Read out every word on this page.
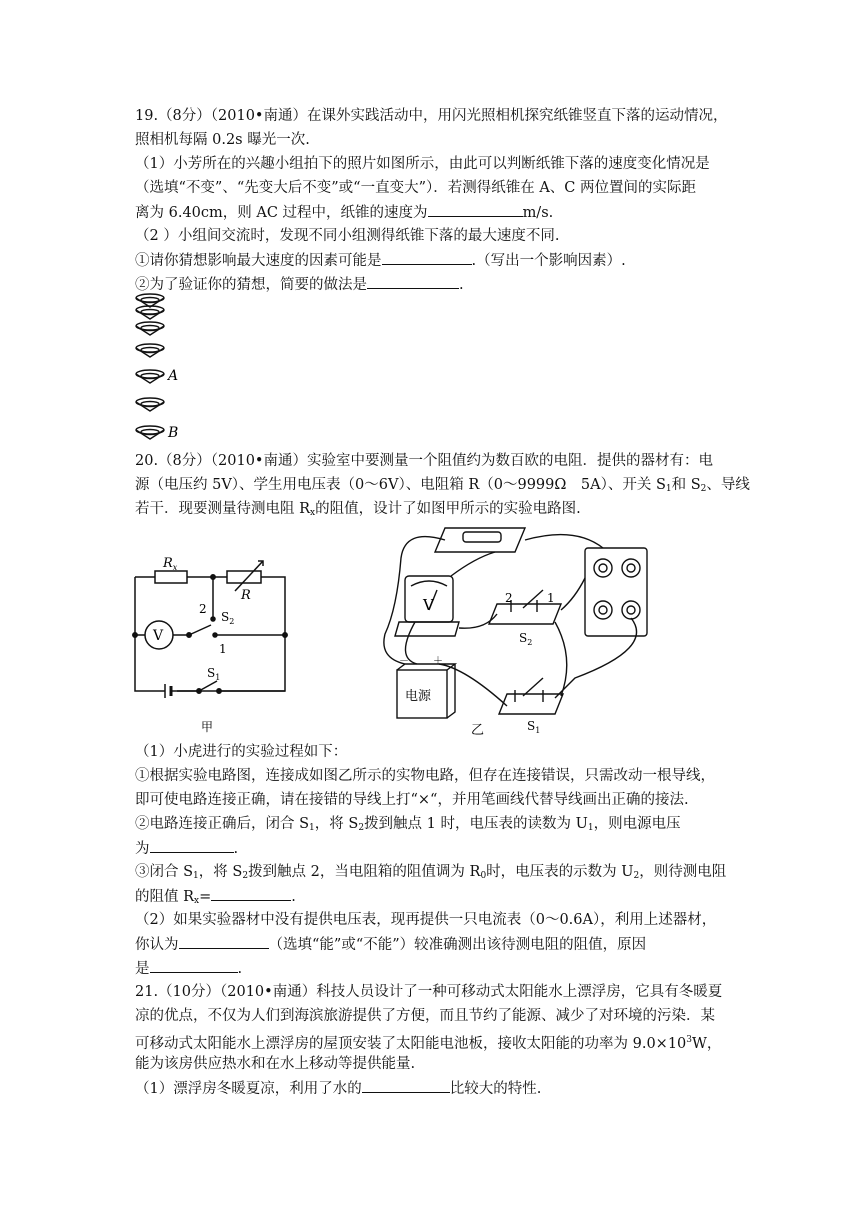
19.（8分）（2010•南通）在课外实践活动中，用闪光照相机探究纸锥竖直下落的运动情况，
照相机每隔 0.2s 曝光一次.
（1）小芳所在的兴趣小组拍下的照片如图所示，由此可以判断纸锥下落的速度变化情况是
（选填“不变”、“先变大后不变”或“一直变大”）．若测得纸锥在 A、C 两位置间的实际距
离为 6.40cm，则 AC 过程中，纸锥的速度为	m/s.
（2 ）小组间交流时，发现不同小组测得纸锥下落的最大速度不同.
①请你猜想影响最大速度的因素可能是	.（写出一个影响因素）.
②为了验证你的猜想，简要的做法是	.
A
B
20.（8分）（2010•南通）实验室中要测量一个阻值约为数百欧的电阻．提供的器材有：电
源（电压约 5V）、学生用电压表（0～6V）、电阻箱 R（0～9999Ω　5A）、开关 $S_1$和 $S_2$、导线
若干．现要测量待测电阻 $R_x$的阻值，设计了如图甲所示的实验电路图.
$R_x$
R
V
2
1
$S_2$
$S_1$
甲
V
电源
－ ＋
2	1
$S_2$
$S_1$
乙
（1）小虎进行的实验过程如下：
①根据实验电路图，连接成如图乙所示的实物电路，但存在连接错误，只需改动一根导线，
即可使电路连接正确，请在接错的导线上打“×“，并用笔画线代替导线画出正确的接法.
②电路连接正确后，闭合 $S_1$，将 $S_2$拨到触点 1 时，电压表的读数为 $U_1$，则电源电压
为	.
③闭合 $S_1$，将 $S_2$拨到触点 2，当电阻箱的阻值调为 $R_0$时，电压表的示数为 $U_2$，则待测电阻
的阻值 $R_x=$	.
（2）如果实验器材中没有提供电压表，现再提供一只电流表（0～0.6A），利用上述器材，
你认为	（选填“能”或“不能”）较准确测出该待测电阻的阻值，原因
是	.
21.（10分）（2010•南通）科技人员设计了一种可移动式太阳能水上漂浮房，它具有冬暖夏
凉的优点，不仅为人们到海滨旅游提供了方便，而且节约了能源、减少了对环境的污染．某
可移动式太阳能水上漂浮房的屋顶安装了太阳能电池板，接收太阳能的功率为 $9.0\times 10^3W$，
能为该房供应热水和在水上移动等提供能量.
（1）漂浮房冬暖夏凉，利用了水的	比较大的特性.
